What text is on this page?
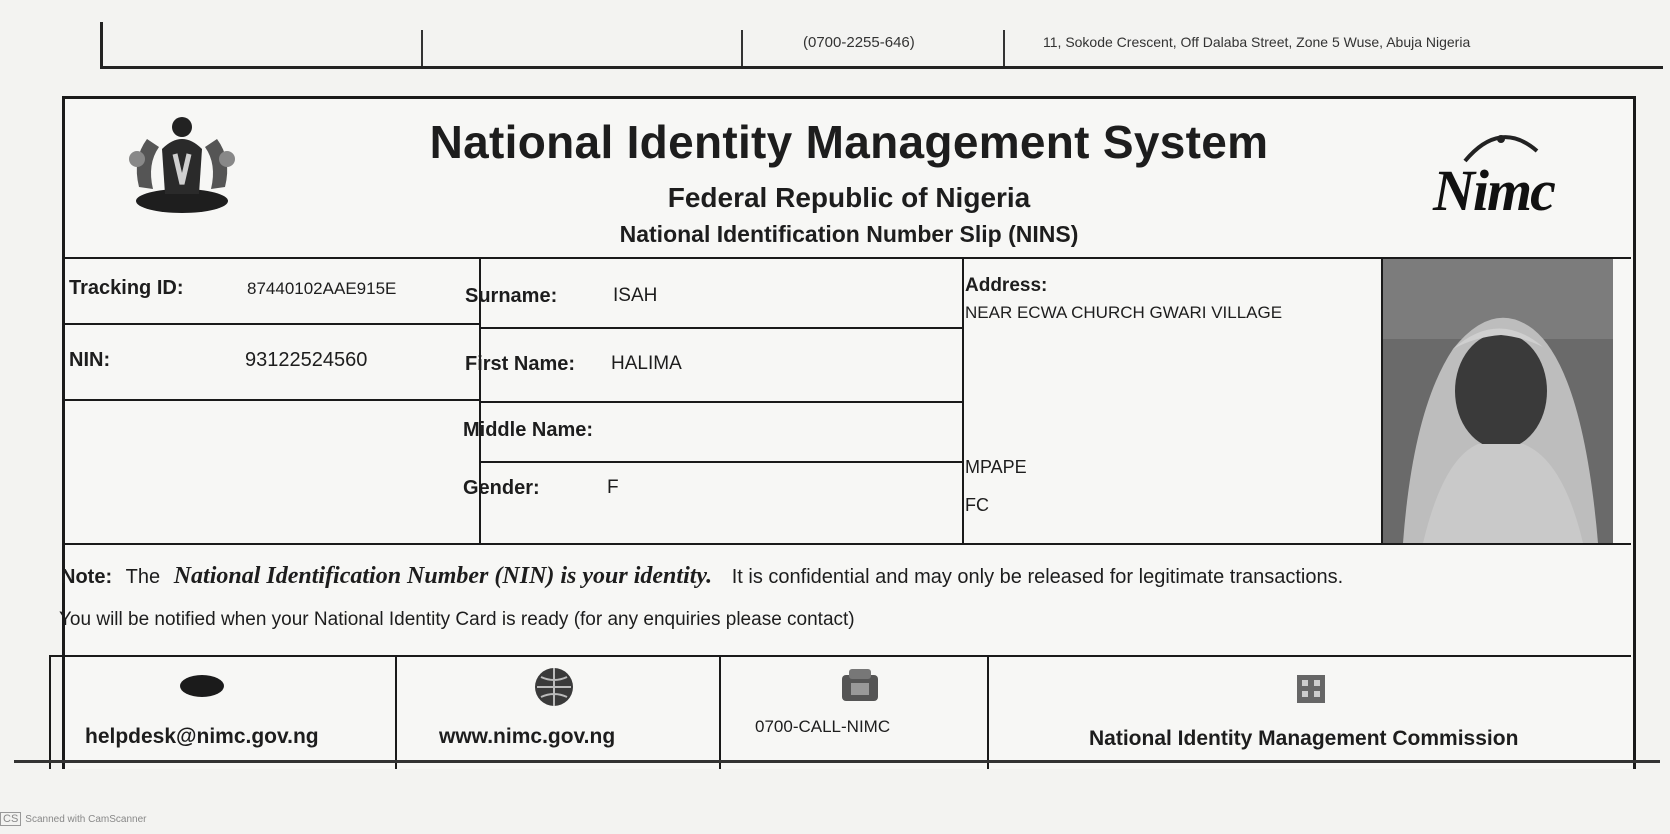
(0700-2255-646)	11, Sokode Crescent, Off Dalaba Street, Zone 5 Wuse, Abuja Nigeria
National Identity Management System
Federal Republic of Nigeria
National Identification Number Slip (NINS)
Nimc
Tracking ID:	87440102AAE915E
NIN:	93122524560
Surname:	ISAH
First Name: HALIMA
Middle Name:
Gender:	F
Address:
NEAR ECWA CHURCH GWARI VILLAGE
MPAPE
FC
Note: The National Identification Number (NIN) is your identity. It is confidential and may only be released for legitimate transactions.
You will be notified when your National Identity Card is ready (for any enquiries please contact)
helpdesk@nimc.gov.ng	www.nimc.gov.ng	0700-CALL-NIMC
National Identity Management Commission
CS Scanned with CamScanner
